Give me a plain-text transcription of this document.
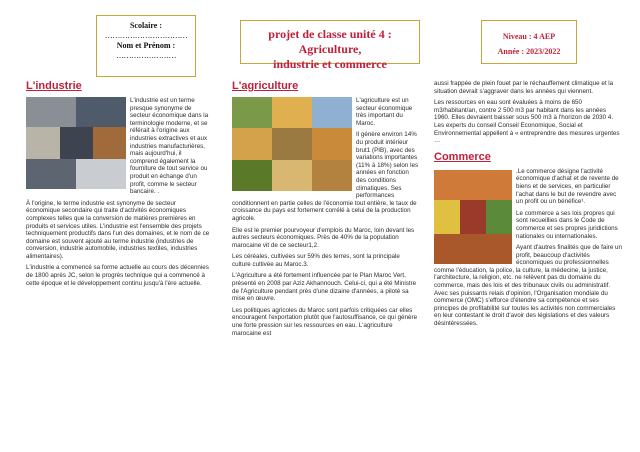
Scolaire :
……………………………
Nom et Prénom :
……………………
projet de classe unité 4 : Agriculture,
industrie et commerce
Niveau : 4 AEP
Année : 2023/2022
L'industrie

L'industrie est un terme presque synonyme de secteur économique dans la terminologie moderne, et se référait à l'origine aux industries extractives et aux industries manufacturières, mais aujourd'hui, il comprend également la fourniture de tout service ou produit en échange d'un profit, comme le secteur bancaire. .

À l'origine, le terme industrie est synonyme de secteur économique secondaire qui traite d'activités économiques complexes telles que la conversion de matières premières en produits et services utiles. L'industrie est l'ensemble des projets techniquement productifs dans l'un des domaines, et le nom de ce domaine est souvent ajouté au terme industrie (industries de conversion, industrie automobile, industries textiles, industries alimentaires).

L'industrie a commencé sa forme actuelle au cours des décennies de 1800 après JC, selon le progrès technique qui a commencé à cette époque et le développement continu jusqu'à l'ère actuelle.

L'agriculture

L'agriculture est un secteur économique très important du Maroc.

Il génère environ 14% du produit intérieur brut1 (PIB), avec des variations importantes (11% à 18%) selon les années en fonction des conditions climatiques. Ses performances conditionnent en partie celles de l'économie tout entière, le taux de croissance du pays est fortement corrélé à celui de la production agricole.

Elle est le premier pourvoyeur d'emplois du Maroc, loin devant les autres secteurs économiques. Près de 40% de la population marocaine vit de ce secteur1,2.

Les céréales, cultivées sur 59% des terres, sont la principale culture cultivée au Maroc.3.

L'Agriculture a été fortement influencée par le Plan Maroc Vert, présenté en 2008 par Aziz Akhannouch. Celui-ci, qui a été Ministre de l'Agriculture pendant près d'une dizaine d'années, a piloté sa mise en œuvre.

Les politiques agricoles du Maroc sont parfois critiquées car elles encouragent l'exportation plutôt que l'autosuffisance, ce qui génère une forte pression sur les ressources en eau. L'agriculture marocaine est

aussi frappée de plein fouet par le réchauffement climatique et la situation devrait s'aggraver dans les années qui viennent.

Les ressources en eau sont évaluées à moins de 650 m3/habitant/an, contre 2 500 m3 par habitant dans les années 1960. Elles devraient baisser sous 500 m3 à l'horizon de 2030 4. Les experts du conseil Conseil Economique, Social et Environnemental appellent à « entreprendre des mesures urgentes …

Commerce

.Le commerce désigne l'activité économique d'achat et de revente de biens et de services, en particulier l'achat dans le but de revendre avec un profit ou un bénéfice¹.

Le commerce a ses lois propres qui sont recueillies dans le Code de commerce et ses propres juridictions nationales ou internationales.

Ayant d'autres finalités que de faire un profit, beaucoup d'activités économiques ou professionnelles comme l'éducation, la police, la culture, la médecine, la justice, l'architecture, la religion, etc. ne relèvent pas du domaine du commerce, mais des lois et des tribunaux civils ou administratif. Avec ses puissants relais d'opinion, l'Organisation mondiale du commerce (OMC) s'efforce d'étendre sa compétence et ses principes de profitabilité sur toutes les activités non commerciales en leur contestant le droit d'avoir des législations et des valeurs désintéressées.
